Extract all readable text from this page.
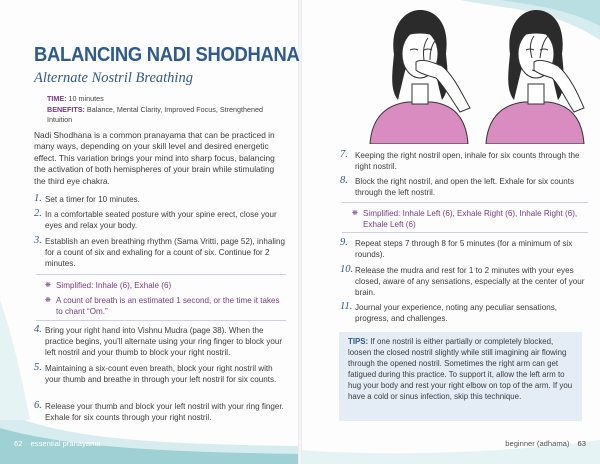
BALANCING NADI SHODHANA
Alternate Nostril Breathing
TIME: 10 minutes
BENEFITS: Balance, Mental Clarity, Improved Focus, Strengthened Intuition

Nadi Shodhana is a common pranayama that can be practiced in many ways, depending on your skill level and desired energetic effect. This variation brings your mind into sharp focus, balancing the activation of both hemispheres of your brain while stimulating the third eye chakra.

1. Set a timer for 10 minutes.
2. In a comfortable seated posture with your spine erect, close your eyes and relax your body.
3. Establish an even breathing rhythm (Sama Vritti, page 52), inhaling for a count of six and exhaling for a count of six. Continue for 2 minutes.
❋ Simplified: Inhale (6), Exhale (6)
❋ A count of breath is an estimated 1 second, or the time it takes to chant “Om.”
4. Bring your right hand into Vishnu Mudra (page 38). When the practice begins, you’ll alternate using your ring finger to block your left nostril and your thumb to block your right nostril.
5. Maintaining a six-count even breath, block your right nostril with your thumb and breathe in through your left nostril for six counts.
6. Release your thumb and block your left nostril with your ring finger. Exhale for six counts through your right nostril.
62 essential pranayama
7. Keeping the right nostril open, inhale for six counts through the right nostril.
8. Block the right nostril, and open the left. Exhale for six counts through the left nostril.
❋ Simplified: Inhale Left (6), Exhale Right (6), Inhale Right (6), Exhale Left (6)
9. Repeat steps 7 through 8 for 5 minutes (for a minimum of six rounds).
10. Release the mudra and rest for 1 to 2 minutes with your eyes closed, aware of any sensations, especially at the center of your brain.
11. Journal your experience, noting any peculiar sensations, progress, and challenges.
TIPS: If one nostril is either partially or completely blocked, loosen the closed nostril slightly while still imagining air flowing through the opened nostril. Sometimes the right arm can get fatigued during this practice. To support it, allow the left arm to hug your body and rest your right elbow on top of the arm. If you have a cold or sinus infection, skip this technique.
beginner (adhama) 63
